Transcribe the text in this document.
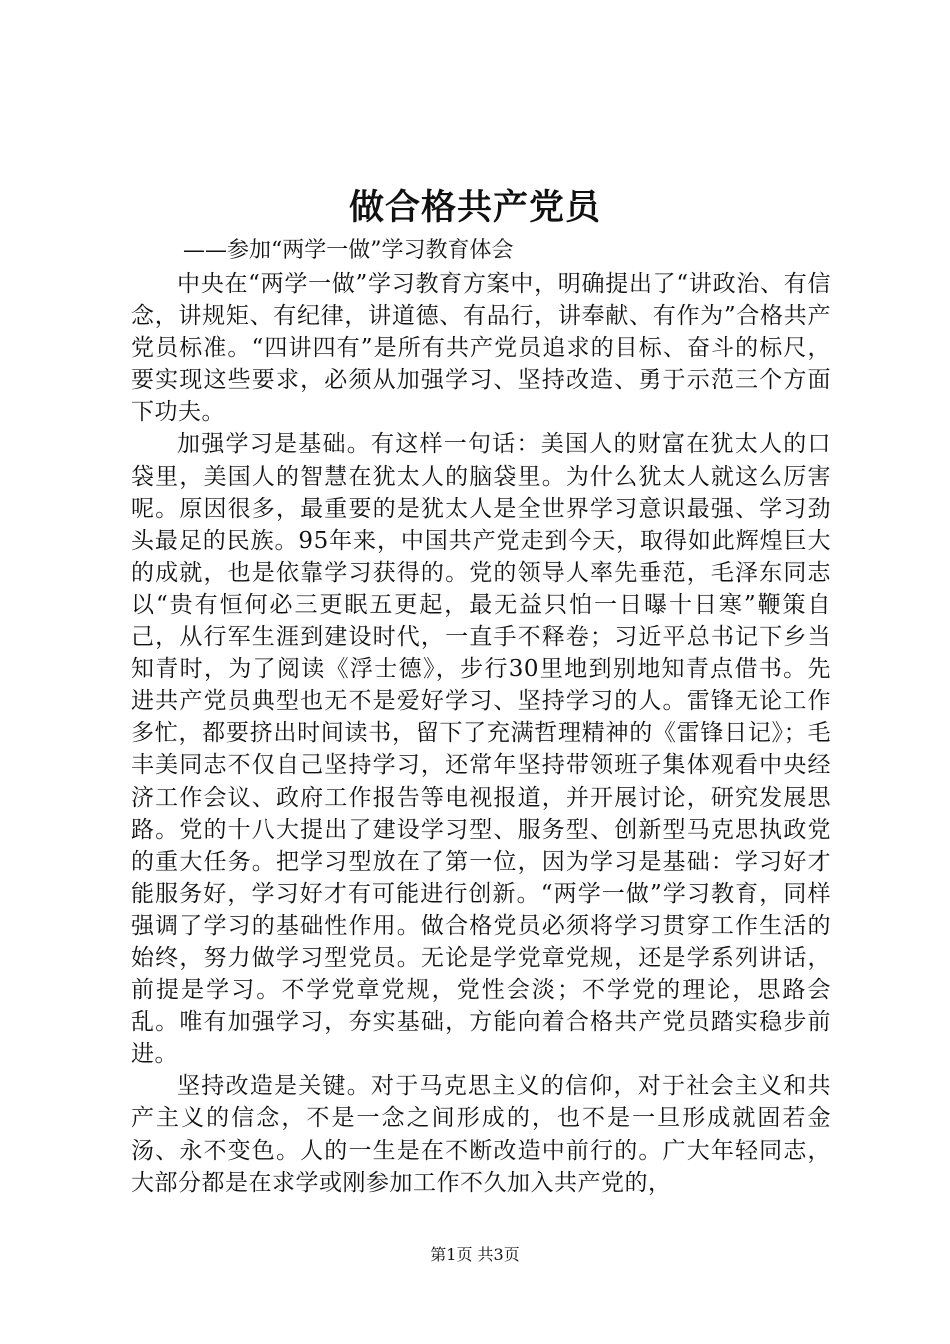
做合格共产党员
——参加“两学一做”学习教育体会

中央在“两学一做”学习教育方案中，明确提出了“讲政治、有信念，讲规矩、有纪律，讲道德、有品行，讲奉献、有作为”合格共产党员标准。“四讲四有”是所有共产党员追求的目标、奋斗的标尺，要实现这些要求，必须从加强学习、坚持改造、勇于示范三个方面下功夫。

加强学习是基础。有这样一句话：美国人的财富在犹太人的口袋里，美国人的智慧在犹太人的脑袋里。为什么犹太人就这么厉害呢。原因很多，最重要的是犹太人是全世界学习意识最强、学习劲头最足的民族。95年来，中国共产党走到今天，取得如此辉煌巨大的成就，也是依靠学习获得的。党的领导人率先垂范，毛泽东同志以“贵有恒何必三更眠五更起，最无益只怕一日曝十日寒”鞭策自己，从行军生涯到建设时代，一直手不释卷；习近平总书记下乡当知青时，为了阅读《浮士德》，步行30里地到别地知青点借书。先进共产党员典型也无不是爱好学习、坚持学习的人。雷锋无论工作多忙，都要挤出时间读书，留下了充满哲理精神的《雷锋日记》；毛丰美同志不仅自己坚持学习，还常年坚持带领班子集体观看中央经济工作会议、政府工作报告等电视报道，并开展讨论，研究发展思路。党的十八大提出了建设学习型、服务型、创新型马克思执政党的重大任务。把学习型放在了第一位，因为学习是基础：学习好才能服务好，学习好才有可能进行创新。“两学一做”学习教育，同样强调了学习的基础性作用。做合格党员必须将学习贯穿工作生活的始终，努力做学习型党员。无论是学党章党规，还是学系列讲话，前提是学习。不学党章党规，党性会淡；不学党的理论，思路会乱。唯有加强学习，夯实基础，方能向着合格共产党员踏实稳步前进。

坚持改造是关键。对于马克思主义的信仰，对于社会主义和共产主义的信念，不是一念之间形成的，也不是一旦形成就固若金汤、永不变色。人的一生是在不断改造中前行的。广大年轻同志，大部分都是在求学或刚参加工作不久加入共产党的，

第1页 共3页
